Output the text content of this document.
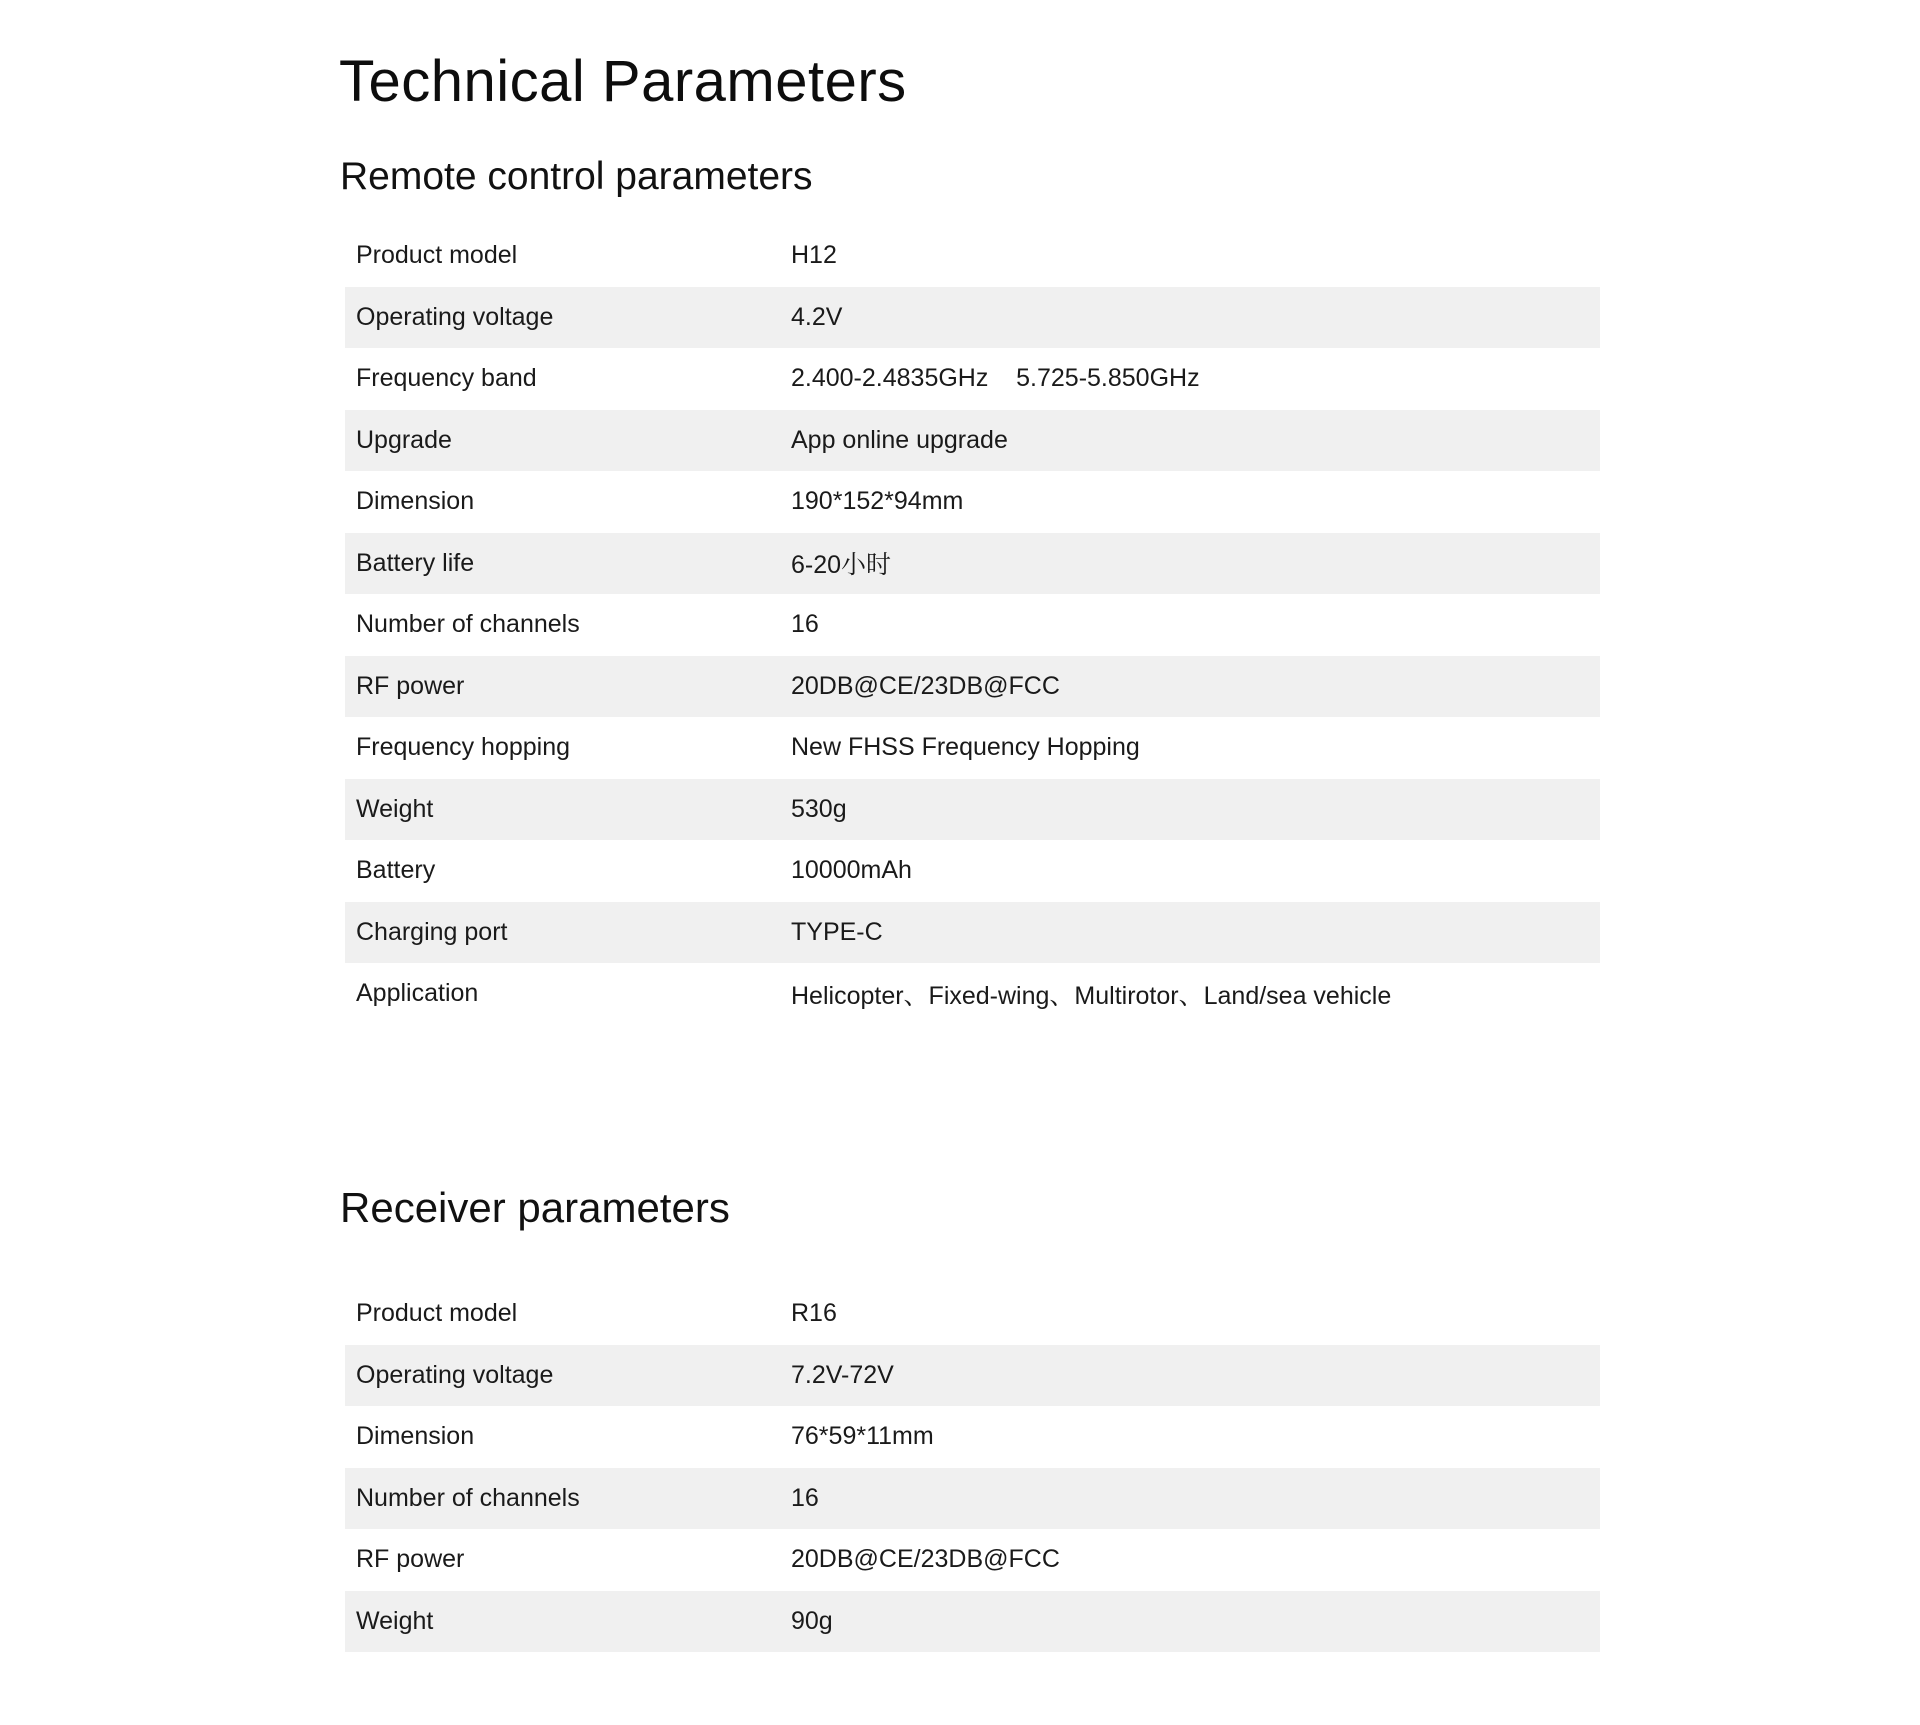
Technical Parameters
Remote control parameters
Product model	H12
Operating voltage	4.2V
Frequency band	2.400-2.4835GHz    5.725-5.850GHz
Upgrade	App online upgrade
Dimension	190*152*94mm
Battery life	6-20小时
Number of channels	16
RF power	20DB@CE/23DB@FCC
Frequency hopping	New FHSS Frequency Hopping
Weight	530g
Battery	10000mAh
Charging port	TYPE-C
Application	Helicopter、Fixed-wing、Multirotor、Land/sea vehicle
Receiver parameters
Product model	R16
Operating voltage	7.2V-72V
Dimension	76*59*11mm
Number of channels	16
RF power	20DB@CE/23DB@FCC
Weight	90g
